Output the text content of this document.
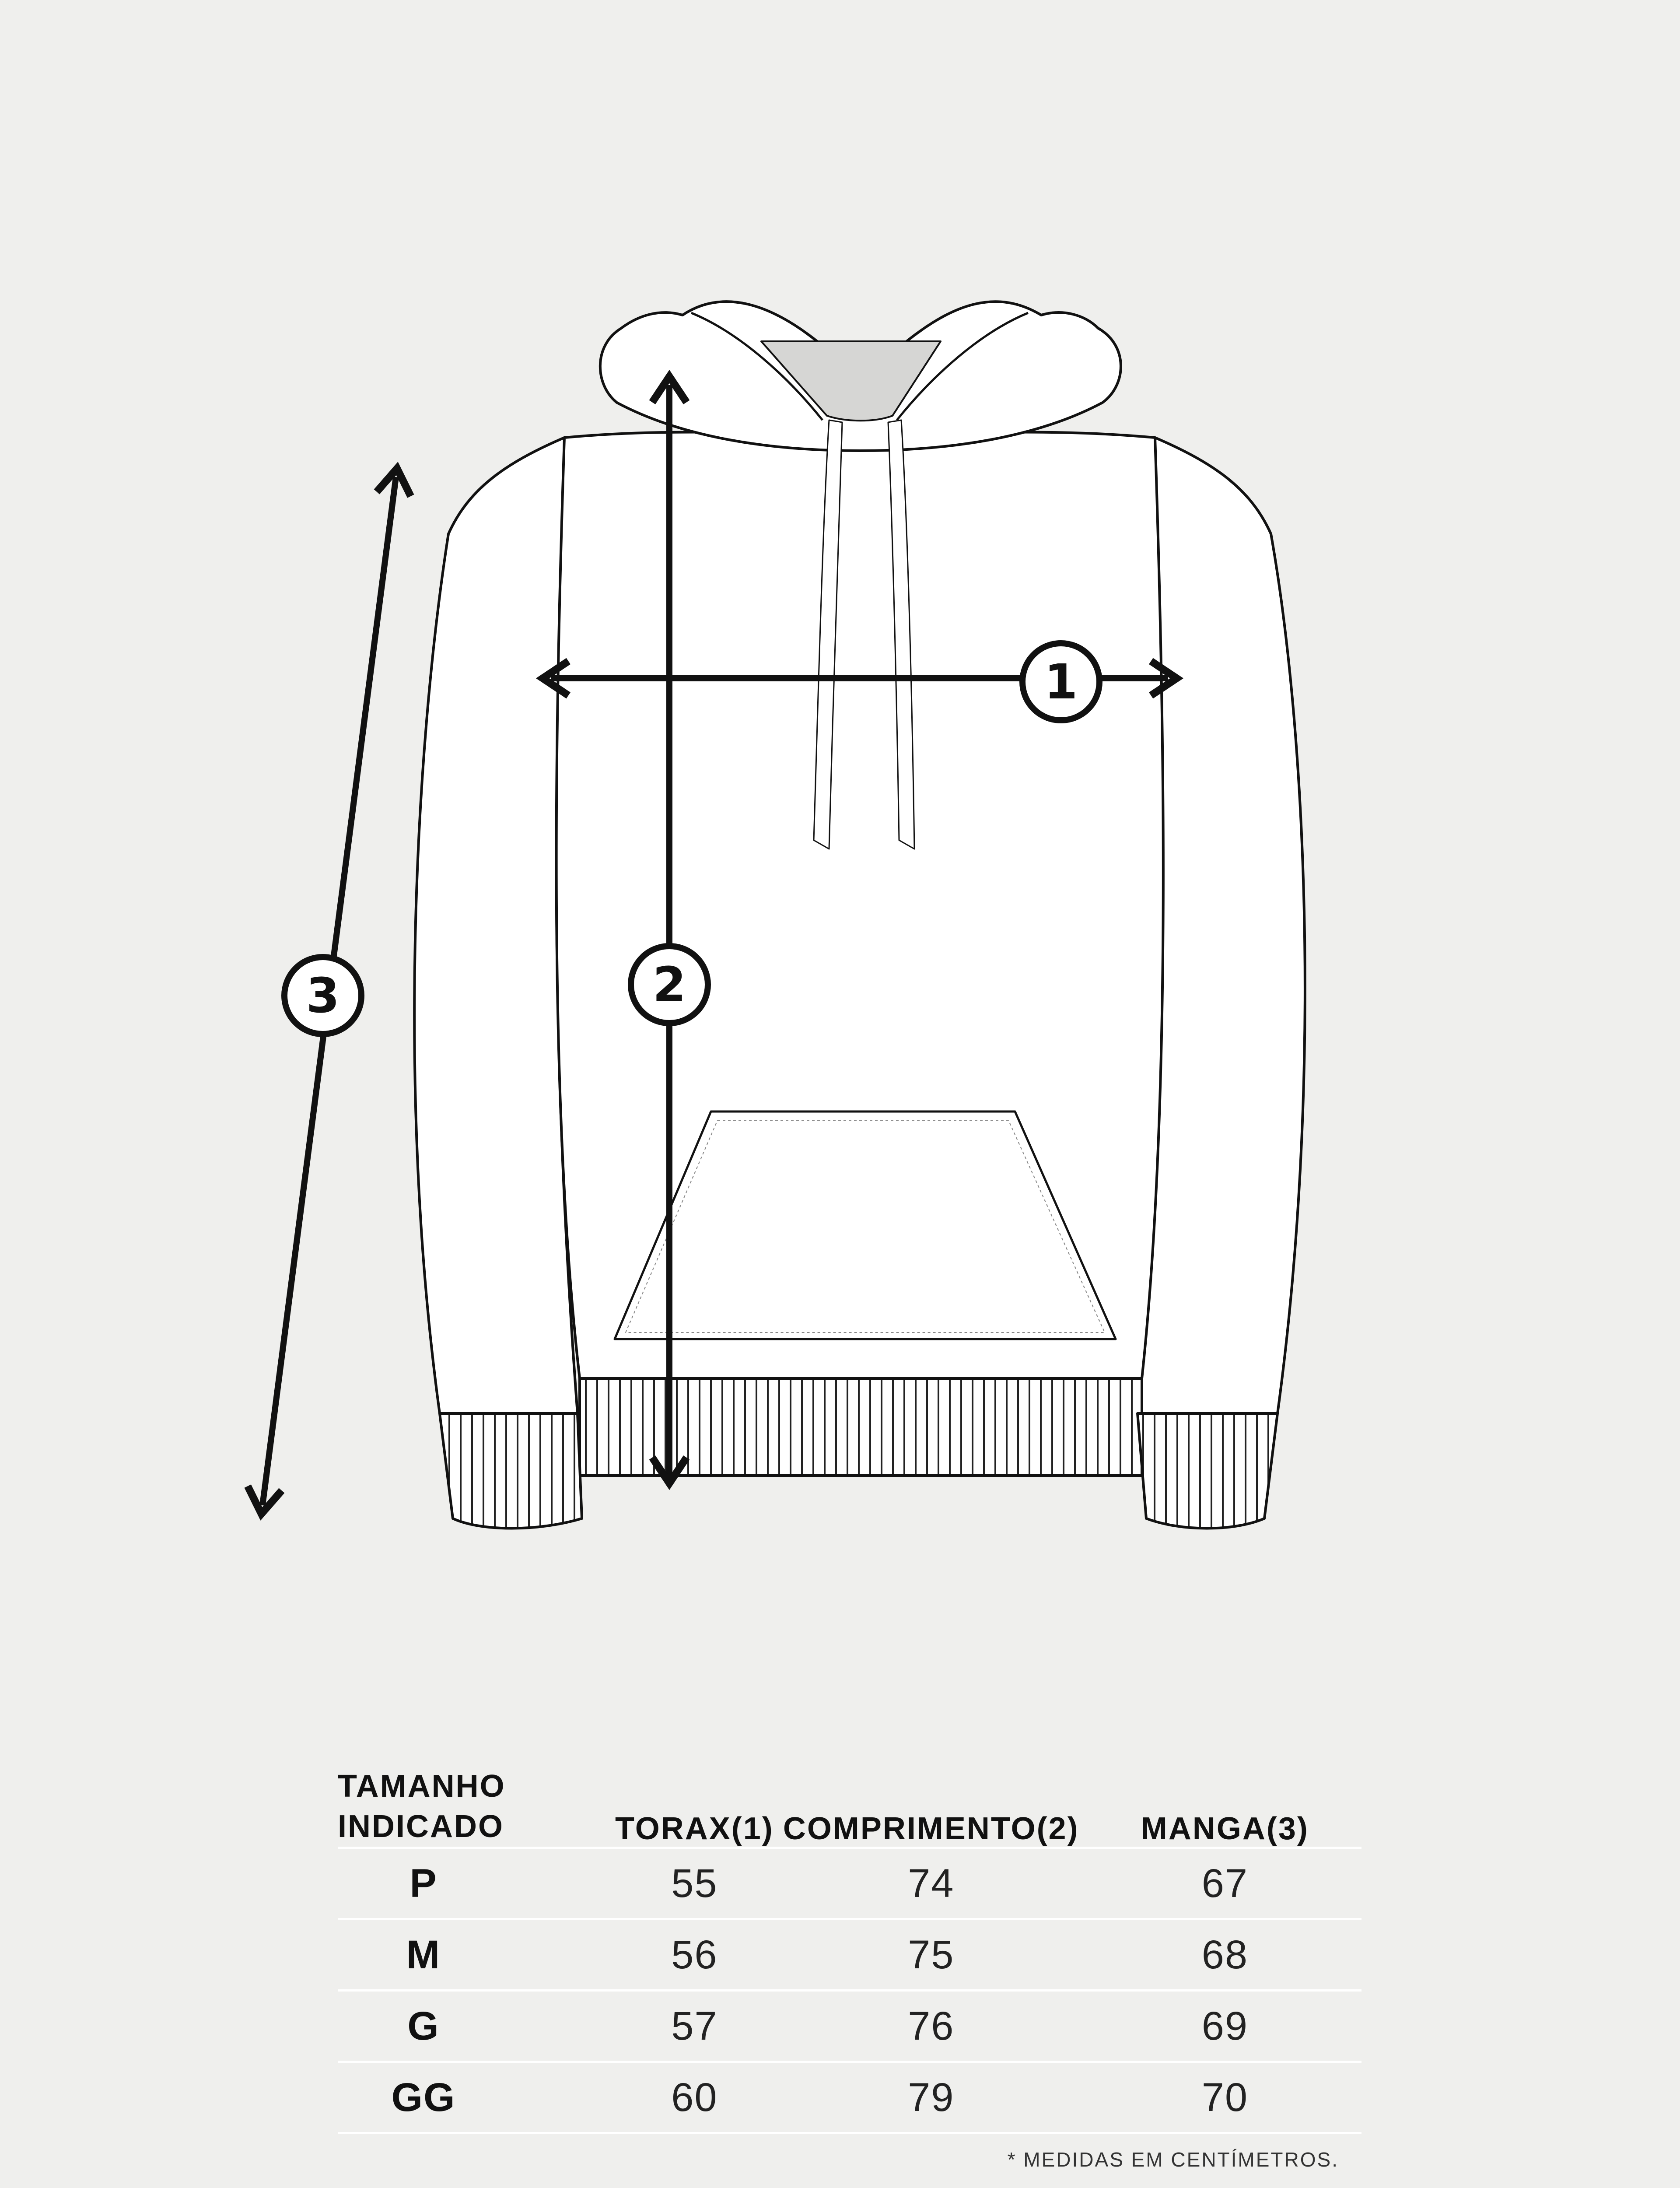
1
2
3
TAMANHO
INDICADO	TORAX(1)	COMPRIMENTO(2)	MANGA(3)
P	55	74	67
M	56	75	68
G	57	76	69
GG	60	79	70
* MEDIDAS EM CENTÍMETROS.
